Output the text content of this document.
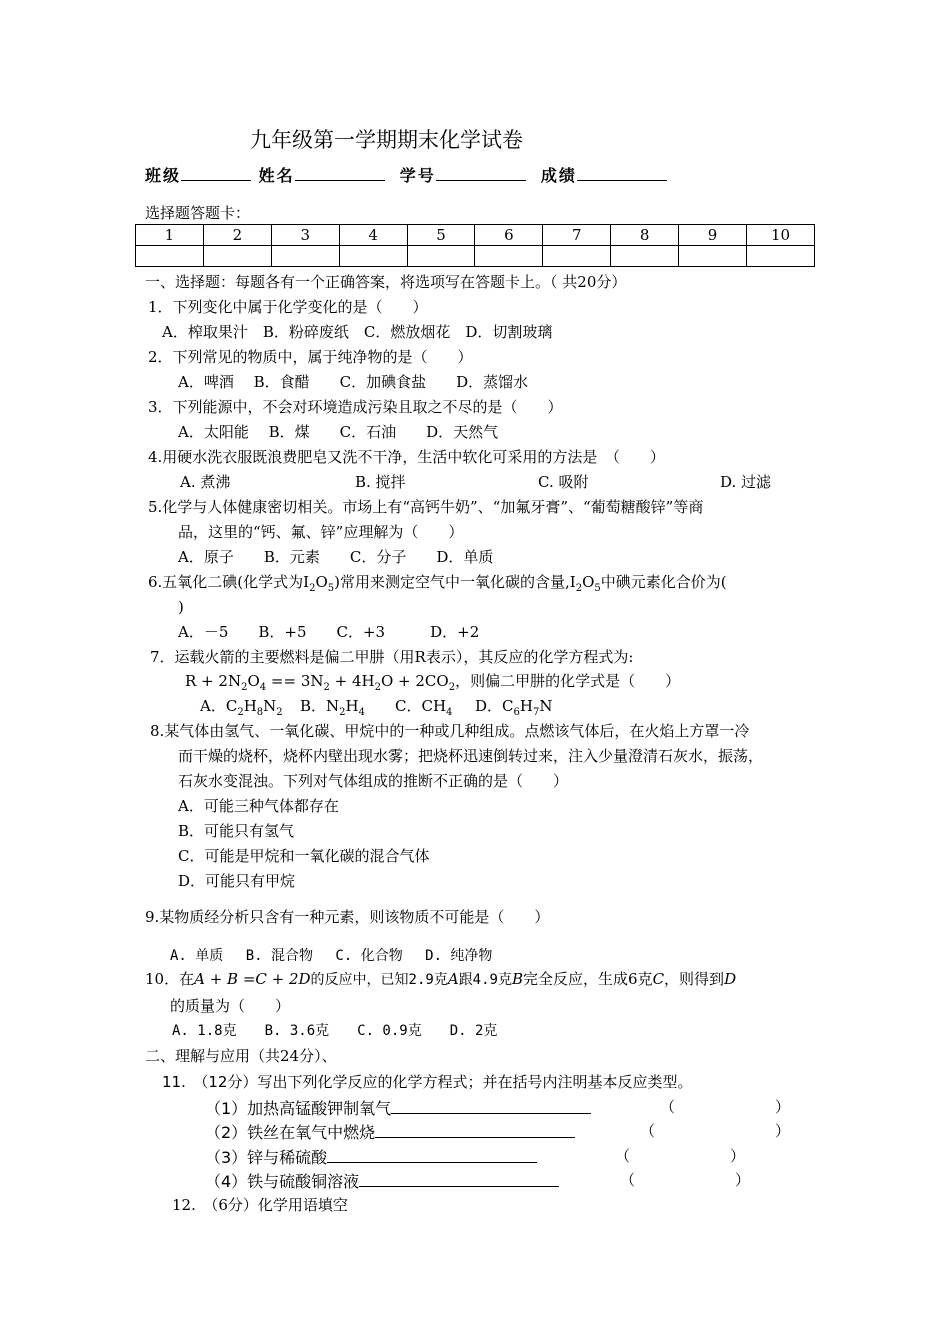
九年级第一学期期末化学试卷
班级	姓名	学号	成绩
选择题答题卡：
1	2	3	4	5	6	7	8	9	10

一、选择题：每题各有一个正确答案，将选项写在答题卡上。（ 共20分）
1．下列变化中属于化学变化的是（　　）
A．榨取果汁　B．粉碎废纸　C．燃放烟花　D．切割玻璃
2．下列常见的物质中，属于纯净物的是（　　）
A．啤酒　 B．食醋　　C．加碘食盐　　D．蒸馏水
3．下列能源中，不会对环境造成污染且取之不尽的是（　　）
A．太阳能　 B．煤　　C．石油　　D．天然气
4.用硬水洗衣服既浪费肥皂又洗不干净，生活中软化可采用的方法是　（　　）
A. 煮沸	B. 搅拌	C. 吸附	D. 过滤
5.化学与人体健康密切相关。市场上有“高钙牛奶”、“加氟牙膏”、“葡萄糖酸锌”等商
品，这里的“钙、氟、锌”应理解为（　　）
A．原子　　B．元素　　C．分子　　D．单质
6.五氧化二碘(化学式为$I_2O_5$)常用来测定空气中一氧化碳的含量$,I_2O_5$中碘元素化合价为(
)
A．－5　　B．+5　　C．+3　　　D．+2
7．运载火箭的主要燃料是偏二甲肼（用R表示），其反应的化学方程式为:
$R + 2N_2O_4 == 3N_2 + 4H_2O + 2CO_2$，则偏二甲肼的化学式是（　　）
A．$C_2H_8N_2$ B．$N_2H_4$ C．$CH_4$ D．$C_6H_7N$
8.某气体由氢气、一氧化碳、甲烷中的一种或几种组成。点燃该气体后，在火焰上方罩一冷
而干燥的烧杯，烧杯内壁出现水雾；把烧杯迅速倒转过来，注入少量澄清石灰水，振荡，
石灰水变混浊。下列对气体组成的推断不正确的是（　　）
A．可能三种气体都存在
B．可能只有氢气
C．可能是甲烷和一氧化碳的混合气体
D．可能只有甲烷
9.某物质经分析只含有一种元素，则该物质不可能是（　　）
A. 单质　 B. 混合物　 C. 化合物　 D. 纯净物
10．在A + B =C + 2D的反应中，已知2.9克A跟4.9克B完全反应，生成6克C，则得到D
的质量为（　　）
A. 1.8克　　B. 3.6克　　C. 0.9克　　D. 2克
二、理解与应用（共24分）、
11.　（12分）写出下列化学反应的化学方程式；并在括号内注明基本反应类型。
（1）加热高锰酸钾制氧气	（	）
（2）铁丝在氧气中燃烧	（	）
（3）锌与稀硫酸	（	）
（4）铁与硫酸铜溶液	（	）
12.　（6分）化学用语填空
